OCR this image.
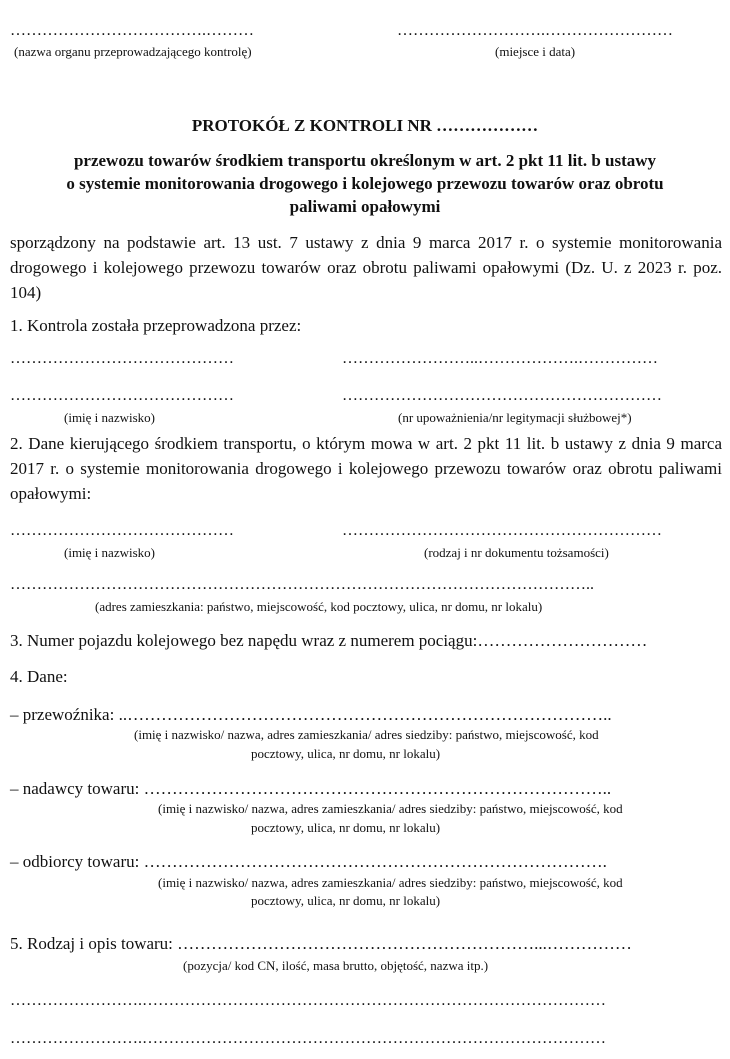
……………………………….………
(nazwa organu przeprowadzającego kontrolę)
……………………….……………………
(miejsce i data)
PROTOKÓŁ Z KONTROLI NR ………………
przewozu towarów środkiem transportu określonym w art. 2 pkt 11 lit. b ustawy
o systemie monitorowania drogowego i kolejowego przewozu towarów oraz obrotu
paliwami opałowymi
sporządzony na podstawie art. 13 ust. 7 ustawy z dnia 9 marca 2017 r. o systemie monitorowania drogowego i kolejowego przewozu towarów oraz obrotu paliwami opałowymi (Dz. U. z 2023 r. poz. 104)
1. Kontrola została przeprowadzona przez:
……………………………………	……………………..……………….……………
……………………………………	……………………………………………………
(imię i nazwisko)	(nr upoważnienia/nr legitymacji służbowej*)
2. Dane kierującego środkiem transportu, o którym mowa w art. 2 pkt 11 lit. b ustawy z dnia 9 marca 2017 r. o systemie monitorowania drogowego i kolejowego przewozu towarów oraz obrotu paliwami opałowymi:
……………………………………	……………………………………………………
(imię i nazwisko)	(rodzaj i nr dokumentu tożsamości)
………………………………………………………………………………………………..
(adres zamieszkania: państwo, miejscowość, kod pocztowy, ulica, nr domu, nr lokalu)
3. Numer pojazdu kolejowego bez napędu wraz z numerem pociągu:…………………………
4. Dane:
– przewoźnika: ..…………………………………………………………………………..
(imię i nazwisko/ nazwa, adres zamieszkania/ adres siedziby: państwo, miejscowość, kod
pocztowy, ulica, nr domu, nr lokalu)
– nadawcy towaru: ………………………………………………………………………..
(imię i nazwisko/ nazwa, adres zamieszkania/ adres siedziby: państwo, miejscowość, kod
pocztowy, ulica, nr domu, nr lokalu)
– odbiorcy towaru: ……………………………………………………………………….
(imię i nazwisko/ nazwa, adres zamieszkania/ adres siedziby: państwo, miejscowość, kod
pocztowy, ulica, nr domu, nr lokalu)
5. Rodzaj i opis towaru: ………………………………………………………...……………
(pozycja/ kod CN, ilość, masa brutto, objętość, nazwa itp.)
…………………….……………………………………………………………………………
…………………….……………………………………………………………………………
